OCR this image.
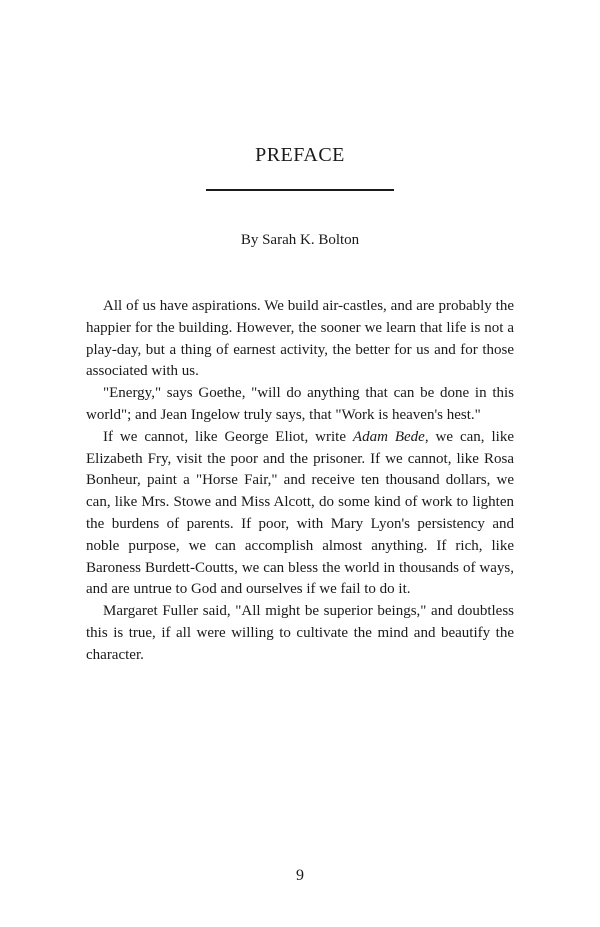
PREFACE
By Sarah K. Bolton

All of us have aspirations. We build air-castles, and are probably the happier for the building. However, the sooner we learn that life is not a play-day, but a thing of earnest activity, the better for us and for those associated with us.

"Energy," says Goethe, "will do anything that can be done in this world"; and Jean Ingelow truly says, that "Work is heaven's hest."

If we cannot, like George Eliot, write Adam Bede, we can, like Elizabeth Fry, visit the poor and the prisoner. If we cannot, like Rosa Bonheur, paint a "Horse Fair," and receive ten thousand dollars, we can, like Mrs. Stowe and Miss Alcott, do some kind of work to lighten the burdens of parents. If poor, with Mary Lyon's persistency and noble purpose, we can accomplish almost anything. If rich, like Baroness Burdett-Coutts, we can bless the world in thousands of ways, and are untrue to God and ourselves if we fail to do it.

Margaret Fuller said, "All might be superior beings," and doubtless this is true, if all were willing to cultivate the mind and beautify the character.

9
